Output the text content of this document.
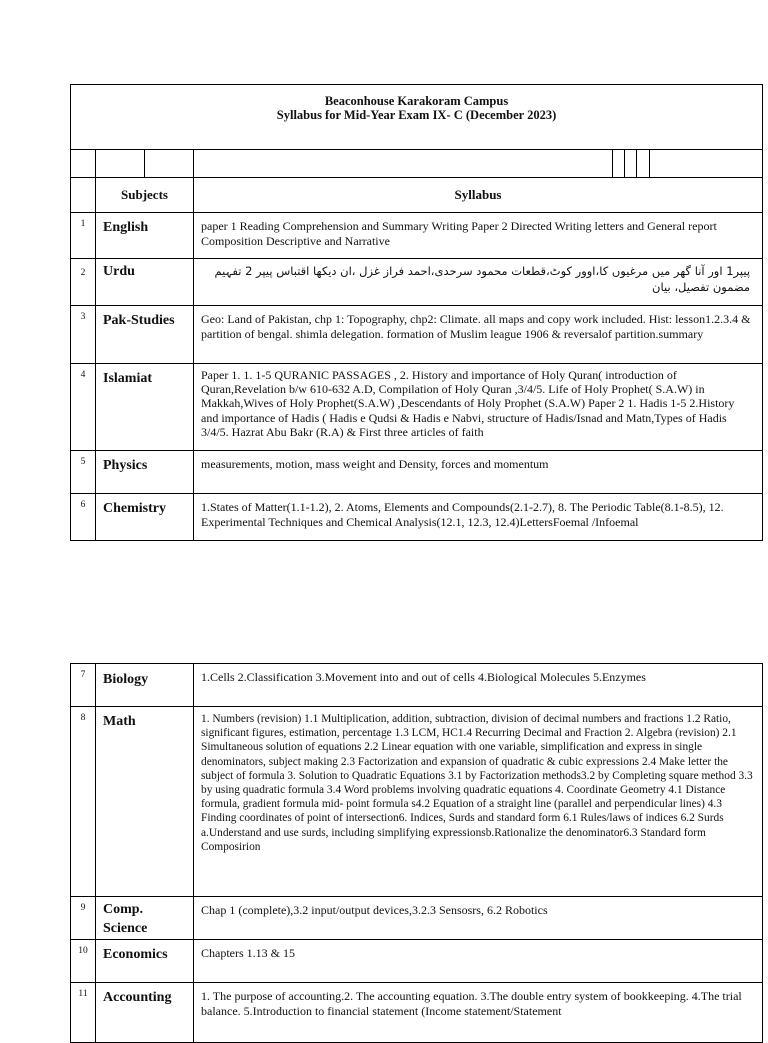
Beaconhouse Karakoram Campus
Syllabus for Mid-Year Exam IX- C (December 2023)		

	Subjects	Syllabus
1	English	paper 1 Reading Comprehension and Summary Writing Paper 2 Directed Writing letters and General report Composition Descriptive and Narrative
2	Urdu	پیپر1 اور آنا گھر میں مرغیوں کا،اوور کوٹ،قطعات محمود سرحدی،احمد فراز غزل ،ان دیکھا اقتباس پیپر 2 تفہیم مضمون تفصیل، بیان
3	Pak-Studies	Geo: Land of Pakistan, chp 1: Topography, chp2: Climate. all maps and copy work included. Hist: lesson1.2.3.4 & partition of bengal. shimla delegation. formation of Muslim league 1906 & reversalof partition.summary
4	Islamiat	Paper 1. 1. 1-5 QURANIC PASSAGES , 2. History and importance of Holy Quran( introduction of Quran,Revelation b/w 610-632 A.D, Compilation of Holy Quran ,3/4/5. Life of Holy Prophet( S.A.W) in Makkah,Wives of Holy Prophet(S.A.W) ,Descendants of Holy Prophet (S.A.W) Paper 2 1. Hadis 1-5 2.History and importance of Hadis ( Hadis e Qudsi & Hadis e Nabvi, structure of Hadis/Isnad and Matn,Types of Hadis 3/4/5. Hazrat Abu Bakr (R.A) & First three articles of faith
5	Physics	measurements, motion, mass weight and Density, forces and momentum
6	Chemistry	1.States of Matter(1.1-1.2), 2. Atoms, Elements and Compounds(2.1-2.7), 8. The Periodic Table(8.1-8.5), 12. Experimental Techniques and Chemical Analysis(12.1, 12.3, 12.4)LettersFoemal /Infoemal
7	Biology	1.Cells 2.Classification 3.Movement into and out of cells 4.Biological Molecules 5.Enzymes
8	Math	1. Numbers (revision) 1.1 Multiplication, addition, subtraction, division of decimal numbers and fractions 1.2 Ratio, significant figures, estimation, percentage 1.3 LCM, HC1.4 Recurring Decimal and Fraction 2. Algebra (revision) 2.1 Simultaneous solution of equations 2.2 Linear equation with one variable, simplification and express in single denominators, subject making 2.3 Factorization and expansion of quadratic & cubic expressions 2.4 Make letter the subject of formula 3. Solution to Quadratic Equations 3.1 by Factorization methods3.2 by Completing square method 3.3 by using quadratic formula 3.4 Word problems involving quadratic equations 4. Coordinate Geometry 4.1 Distance formula, gradient formula mid- point formula s4.2 Equation of a straight line (parallel and perpendicular lines) 4.3 Finding coordinates of point of intersection6. Indices, Surds and standard form 6.1 Rules/laws of indices 6.2 Surds a.Understand and use surds, including simplifying expressionsb.Rationalize the denominator6.3 Standard form Composirion
9	Comp. Science	Chap 1 (complete),3.2 input/output devices,3.2.3 Sensosrs, 6.2 Robotics
10	Economics	Chapters 1.13 & 15
11	Accounting	1. The purpose of accounting.2. The accounting equation. 3.The double entry system of bookkeeping. 4.The trial balance. 5.Introduction to financial statement (Income statement/Statement
